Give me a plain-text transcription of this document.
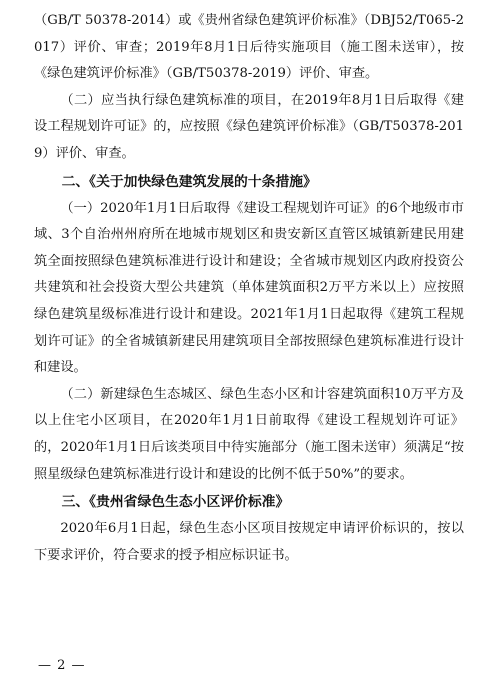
（GB/T 50378-2014）或《贵州省绿色建筑评价标准》（DBJ52/T065-2017）评价、审查；2019年8月1日后待实施项目（施工图未送审），按《绿色建筑评价标准》（GB/T50378-2019）评价、审查。

（二）应当执行绿色建筑标准的项目，在2019年8月1日后取得《建设工程规划许可证》的，应按照《绿色建筑评价标准》（GB/T50378-2019）评价、审查。

二、《关于加快绿色建筑发展的十条措施》

（一）2020年1月1日后取得《建设工程规划许可证》的6个地级市市域、3个自治州州府所在地城市规划区和贵安新区直管区城镇新建民用建筑全面按照绿色建筑标准进行设计和建设；全省城市规划区内政府投资公共建筑和社会投资大型公共建筑（单体建筑面积2万平方米以上）应按照绿色建筑星级标准进行设计和建设。2021年1月1日起取得《建筑工程规划许可证》的全省城镇新建民用建筑项目全部按照绿色建筑标准进行设计和建设。

（二）新建绿色生态城区、绿色生态小区和计容建筑面积10万平方及以上住宅小区项目，在2020年1月1日前取得《建设工程规划许可证》的，2020年1月1日后该类项目中待实施部分（施工图未送审）须满足“按照星级绿色建筑标准进行设计和建设的比例不低于50%”的要求。

三、《贵州省绿色生态小区评价标准》

2020年6月1日起，绿色生态小区项目按规定申请评价标识的，按以下要求评价，符合要求的授予相应标识证书。

— 2 —
